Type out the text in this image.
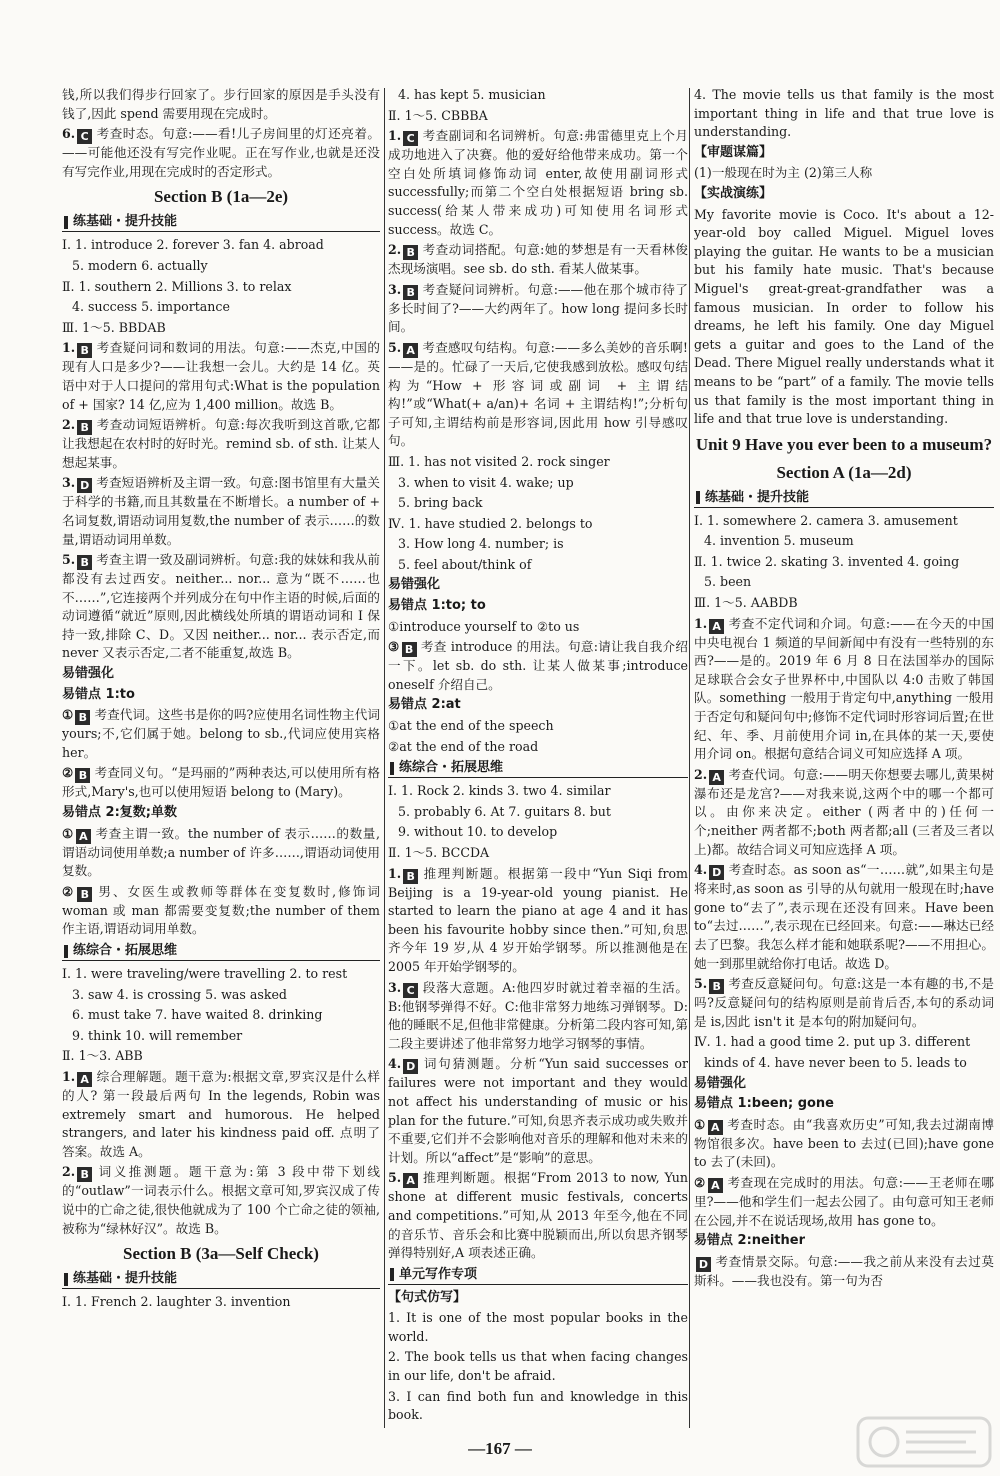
钱,所以我们得步行回家了。步行回家的原因是手头没有钱了,因此 spend 需要用现在完成时。
6. C 考查时态。句意:——看!儿子房间里的灯还亮着。——可能他还没有写完作业呢。正在写作业,也就是还没有写完作业,用现在完成时的否定形式。
Section B (1a—2e)
练基础・提升技能
Ⅰ. 1. introduce 2. forever 3. fan 4. abroad
5. modern 6. actually
Ⅱ. 1. southern 2. Millions 3. to relax
4. success 5. importance
Ⅲ. 1～5. BBDAB
1. B 考查疑问词和数词的用法。句意:——杰克,中国的现有人口是多少?——让我想一会儿。大约是 14 亿。英语中对于人口提问的常用句式:What is the population of + 国家? 14 亿,应为 1,400 million。故选 B。
2. B 考查动词短语辨析。句意:每次我听到这首歌,它都让我想起在农村时的好时光。remind sb. of sth. 让某人想起某事。
3. D 考查短语辨析及主谓一致。句意:图书馆里有大量关于科学的书籍,而且其数量在不断增长。a number of + 名词复数,谓语动词用复数,the number of 表示……的数量,谓语动词用单数。
5. B 考查主谓一致及副词辨析。句意:我的妹妹和我从前都没有去过西安。neither... nor... 意为“既不……也不……”,它连接两个并列成分在句中作主语的时候,后面的动词遵循“就近”原则,因此横线处所填的谓语动词和 I 保持一致,排除 C、D。又因 neither... nor... 表示否定,而 never 又表示否定,二者不能重复,故选 B。
易错强化
易错点 1:to
① B 考查代词。这些书是你的吗?应使用名词性物主代词 yours;不,它们属于她。belong to sb.,代词应使用宾格 her。
② B 考查同义句。“是玛丽的”两种表达,可以使用所有格形式,Mary's,也可以使用短语 belong to (Mary)。
易错点 2:复数;单数
① A 考查主谓一致。the number of 表示……的数量,谓语动词使用单数;a number of 许多……,谓语动词使用复数。
② B 男、女医生或教师等群体在变复数时,修饰词 woman 或 man 都需要变复数;the number of them 作主语,谓语动词用单数。
练综合・拓展思维
Ⅰ. 1. were traveling/were travelling 2. to rest
3. saw 4. is crossing 5. was asked
6. must take 7. have waited 8. drinking
9. think 10. will remember
Ⅱ. 1～3. ABB
1. A 综合理解题。题干意为:根据文章,罗宾汉是什么样的人? 第一段最后两句 In the legends, Robin was extremely smart and humorous. He helped strangers, and later his kindness paid off. 点明了答案。故选 A。
2. B 词义推测题。题干意为:第 3 段中带下划线的“outlaw”一词表示什么。根据文章可知,罗宾汉成了传说中的亡命之徒,很快他就成为了 100 个亡命之徒的领袖,被称为“绿林好汉”。故选 B。
Section B (3a—Self Check)
练基础・提升技能
Ⅰ. 1. French 2. laughter 3. invention
4. has kept 5. musician
Ⅱ. 1～5. CBBBA
1. C 考查副词和名词辨析。句意:弗雷德里克上个月成功地进入了决赛。他的爱好给他带来成功。第一个空白处所填词修饰动词 enter,故使用副词形式 successfully;而第二个空白处根据短语 bring sb. success(给某人带来成功)可知使用名词形式 success。故选 C。
2. B 考查动词搭配。句意:她的梦想是有一天看林俊杰现场演唱。see sb. do sth. 看某人做某事。
3. B 考查疑问词辨析。句意:——他在那个城市待了多长时间了?——大约两年了。how long 提问多长时间。
5. A 考查感叹句结构。句意:——多么美妙的音乐啊!——是的。忙碌了一天后,它使我感到放松。感叹句结构为“How + 形容词或副词 + 主谓结构!”或“What(+ a/an)+ 名词 + 主谓结构!”;分析句子可知,主谓结构前是形容词,因此用 how 引导感叹句。
Ⅲ. 1. has not visited 2. rock singer
3. when to visit 4. wake; up
5. bring back
Ⅳ. 1. have studied 2. belongs to
3. How long 4. number; is
5. feel about/think of
易错强化
易错点 1:to; to
①introduce yourself to ②to us
③ B 考查 introduce 的用法。句意:请让我自我介绍一下。let sb. do sth. 让某人做某事;introduce oneself 介绍自己。
易错点 2:at
①at the end of the speech
②at the end of the road
练综合・拓展思维
Ⅰ. 1. Rock 2. kinds 3. two 4. similar
5. probably 6. At 7. guitars 8. but
9. without 10. to develop
Ⅱ. 1～5. BCCDA
1. B 推理判断题。根据第一段中“Yun Siqi from Beijing is a 19-year-old young pianist. He started to learn the piano at age 4 and it has been his favourite hobby since then.”可知,贠思齐今年 19 岁,从 4 岁开始学钢琴。所以推测他是在 2005 年开始学钢琴的。
3. C 段落大意题。A:他四岁时就过着幸福的生活。B:他钢琴弹得不好。C:他非常努力地练习弹钢琴。D:他的睡眠不足,但他非常健康。分析第二段内容可知,第二段主要讲述了他非常努力地学习钢琴的事情。
4. D 词句猜测题。分析“Yun said successes or failures were not important and they would not affect his understanding of music or his plan for the future.”可知,贠思齐表示成功或失败并不重要,它们并不会影响他对音乐的理解和他对未来的计划。所以“affect”是“影响”的意思。
5. A 推理判断题。根据“From 2013 to now, Yun shone at different music festivals, concerts and competitions.”可知,从 2013 年至今,他在不同的音乐节、音乐会和比赛中脱颖而出,所以贠思齐钢琴弹得特别好,A 项表述正确。
单元写作专项
【句式仿写】
1. It is one of the most popular books in the world.
2. The book tells us that when facing changes in our life, don't be afraid.
3. I can find both fun and knowledge in this book.
4. The movie tells us that family is the most important thing in life and that true love is understanding.
【审题谋篇】
(1)一般现在时为主 (2)第三人称
【实战演练】
My favorite movie is Coco. It's about a 12-year-old boy called Miguel. Miguel loves playing the guitar. He wants to be a musician but his family hate music. That's because Miguel's great-great-grandfather was a famous musician. In order to follow his dreams, he left his family. One day Miguel gets a guitar and goes to the Land of the Dead. There Miguel really understands what it means to be “part” of a family. The movie tells us that family is the most important thing in life and that true love is understanding.
Unit 9 Have you ever been to a museum?
Section A (1a—2d)
练基础・提升技能
Ⅰ. 1. somewhere 2. camera 3. amusement
4. invention 5. museum
Ⅱ. 1. twice 2. skating 3. invented 4. going
5. been
Ⅲ. 1～5. AABDB
1. A 考查不定代词和介词。句意:——在今天的中国中央电视台 1 频道的早间新闻中有没有一些特别的东西?——是的。2019 年 6 月 8 日在法国举办的国际足球联合会女子世界杯中,中国队以 4:0 击败了韩国队。something 一般用于肯定句中,anything 一般用于否定句和疑问句中;修饰不定代词时形容词后置;在世纪、年、季、月前使用介词 in,在具体的某一天,要使用介词 on。根据句意结合词义可知应选择 A 项。
2. A 考查代词。句意:——明天你想要去哪儿,黄果树瀑布还是龙宫?——对我来说,这两个中的哪一个都可以。由你来决定。either (两者中的)任何一个;neither 两者都不;both 两者都;all (三者及三者以上)都。故结合词义可知应选择 A 项。
4. D 考查时态。as soon as“一……就”,如果主句是将来时,as soon as 引导的从句就用一般现在时;have gone to“去了”,表示现在还没有回来。Have been to“去过……”,表示现在已经回来。句意:——琳达已经去了巴黎。我怎么样才能和她联系呢?——不用担心。她一到那里就给你打电话。故选 D。
5. B 考查反意疑问句。句意:这是一本有趣的书,不是吗?反意疑问句的结构原则是前肯后否,本句的系动词是 is,因此 isn't it 是本句的附加疑问句。
Ⅳ. 1. had a good time 2. put up 3. different
kinds of 4. have never been to 5. leads to
易错强化
易错点 1:been; gone
① A 考查时态。由“我喜欢历史”可知,我去过湖南博物馆很多次。have been to 去过(已回);have gone to 去了(未回)。
② A 考查现在完成时的用法。句意:——王老师在哪里?——他和学生们一起去公园了。由句意可知王老师在公园,并不在说话现场,故用 has gone to。
易错点 2:neither
D 考查情景交际。句意:——我之前从来没有去过莫斯科。——我也没有。第一句为否
—167 —
